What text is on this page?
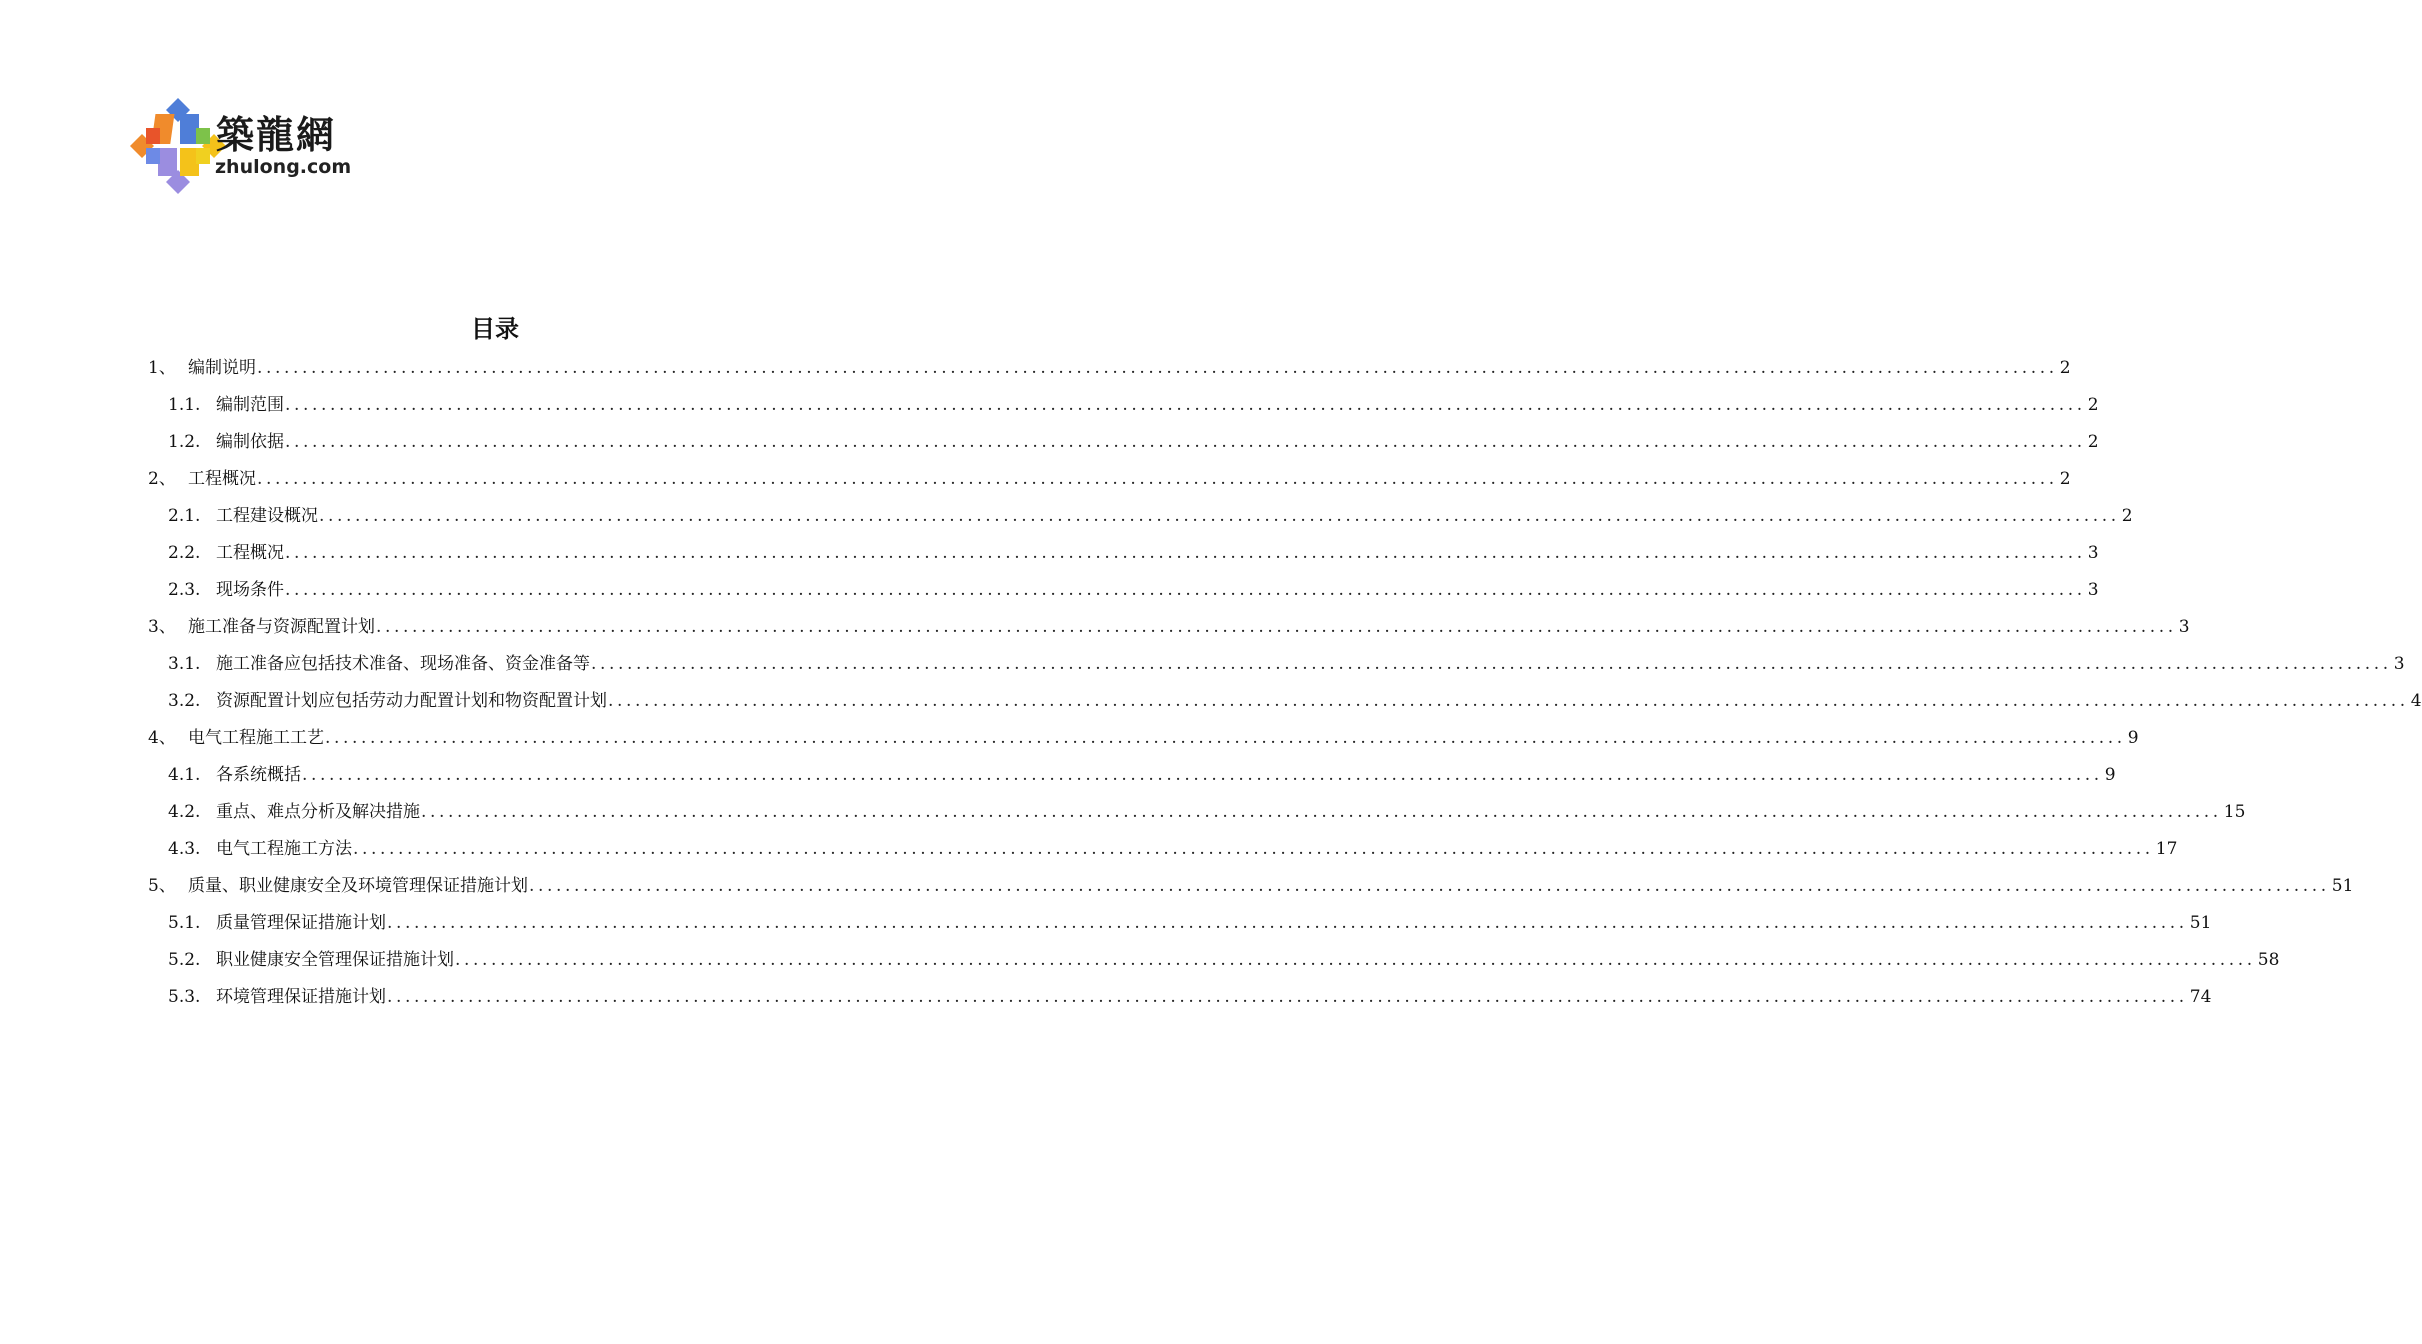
築龍網
zhulong.com
目录
1、 编制说明 ........................................................................................................................................................................................................ 2
1.1. 编制范围 ........................................................................................................................................................................................................ 2
1.2. 编制依据 ........................................................................................................................................................................................................ 2
2、 工程概况 ........................................................................................................................................................................................................ 2
2.1. 工程建设概况 ........................................................................................................................................................................................................ 2
2.2. 工程概况 ........................................................................................................................................................................................................ 3
2.3. 现场条件 ........................................................................................................................................................................................................ 3
3、 施工准备与资源配置计划 ........................................................................................................................................................................................................ 3
3.1. 施工准备应包括技术准备、现场准备、资金准备等 ........................................................................................................................................................................................................ 3
3.2. 资源配置计划应包括劳动力配置计划和物资配置计划 ........................................................................................................................................................................................................ 4
4、 电气工程施工工艺 ........................................................................................................................................................................................................ 9
4.1. 各系统概括 ........................................................................................................................................................................................................ 9
4.2. 重点、难点分析及解决措施 ........................................................................................................................................................................................................ 15
4.3. 电气工程施工方法 ........................................................................................................................................................................................................ 17
5、 质量、职业健康安全及环境管理保证措施计划 ........................................................................................................................................................................................................ 51
5.1. 质量管理保证措施计划 ........................................................................................................................................................................................................ 51
5.2. 职业健康安全管理保证措施计划 ........................................................................................................................................................................................................ 58
5.3. 环境管理保证措施计划 ........................................................................................................................................................................................................ 74
